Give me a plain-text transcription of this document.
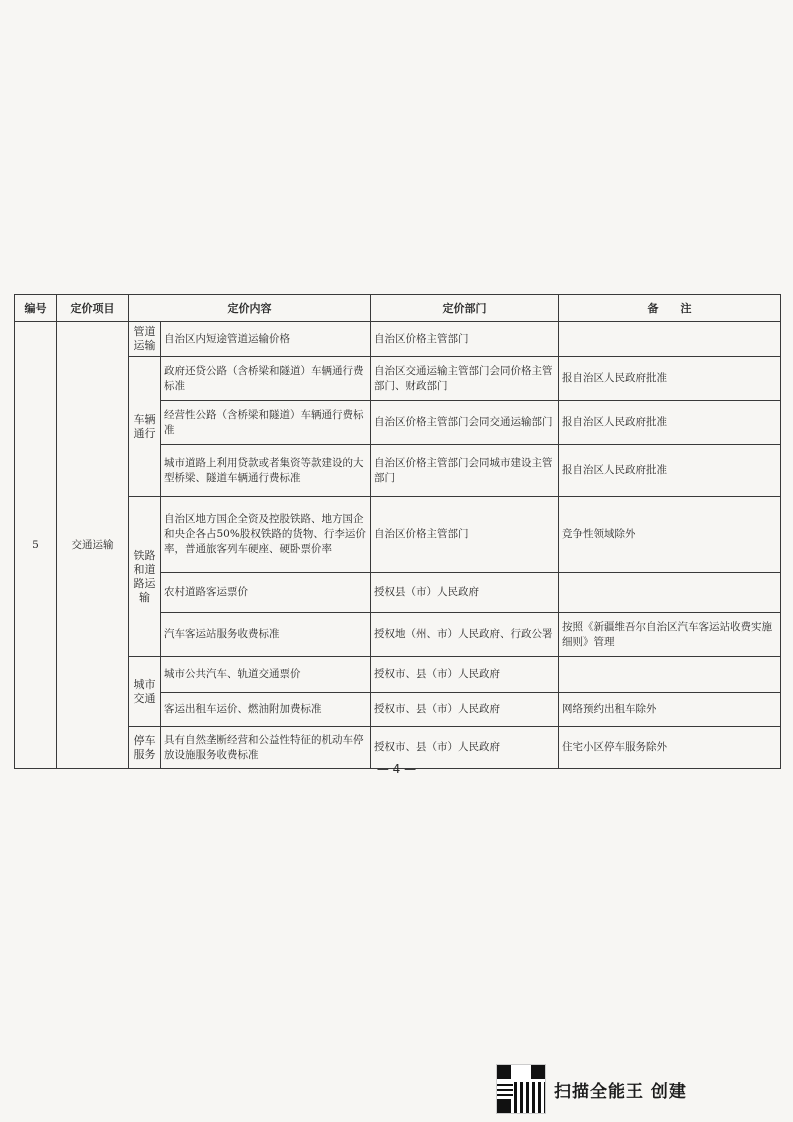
编号	定价项目	定价内容		定价部门	备　　注
5	交通运输	管道运输	自治区内短途管道运输价格	自治区价格主管部门	
		车辆通行	政府还贷公路（含桥梁和隧道）车辆通行费标准	自治区交通运输主管部门会同价格主管部门、财政部门	报自治区人民政府批准
			经营性公路（含桥梁和隧道）车辆通行费标准	自治区价格主管部门会同交通运输部门	报自治区人民政府批准
			城市道路上利用贷款或者集资等款建设的大型桥梁、隧道车辆通行费标准	自治区价格主管部门会同城市建设主管部门	报自治区人民政府批准
		铁路和道路运输	自治区地方国企全资及控股铁路、地方国企和央企各占50%股权铁路的货物、行李运价率，普通旅客列车硬座、硬卧票价率	自治区价格主管部门	竞争性领域除外
			农村道路客运票价	授权县（市）人民政府	
			汽车客运站服务收费标准	授权地（州、市）人民政府、行政公署	按照《新疆维吾尔自治区汽车客运站收费实施细则》管理
		城市交通	城市公共汽车、轨道交通票价	授权市、县（市）人民政府	
			客运出租车运价、燃油附加费标准	授权市、县（市）人民政府	网络预约出租车除外
		停车服务	具有自然垄断经营和公益性特征的机动车停放设施服务收费标准	授权市、县（市）人民政府	住宅小区停车服务除外
— 4 —
扫描全能王 创建
